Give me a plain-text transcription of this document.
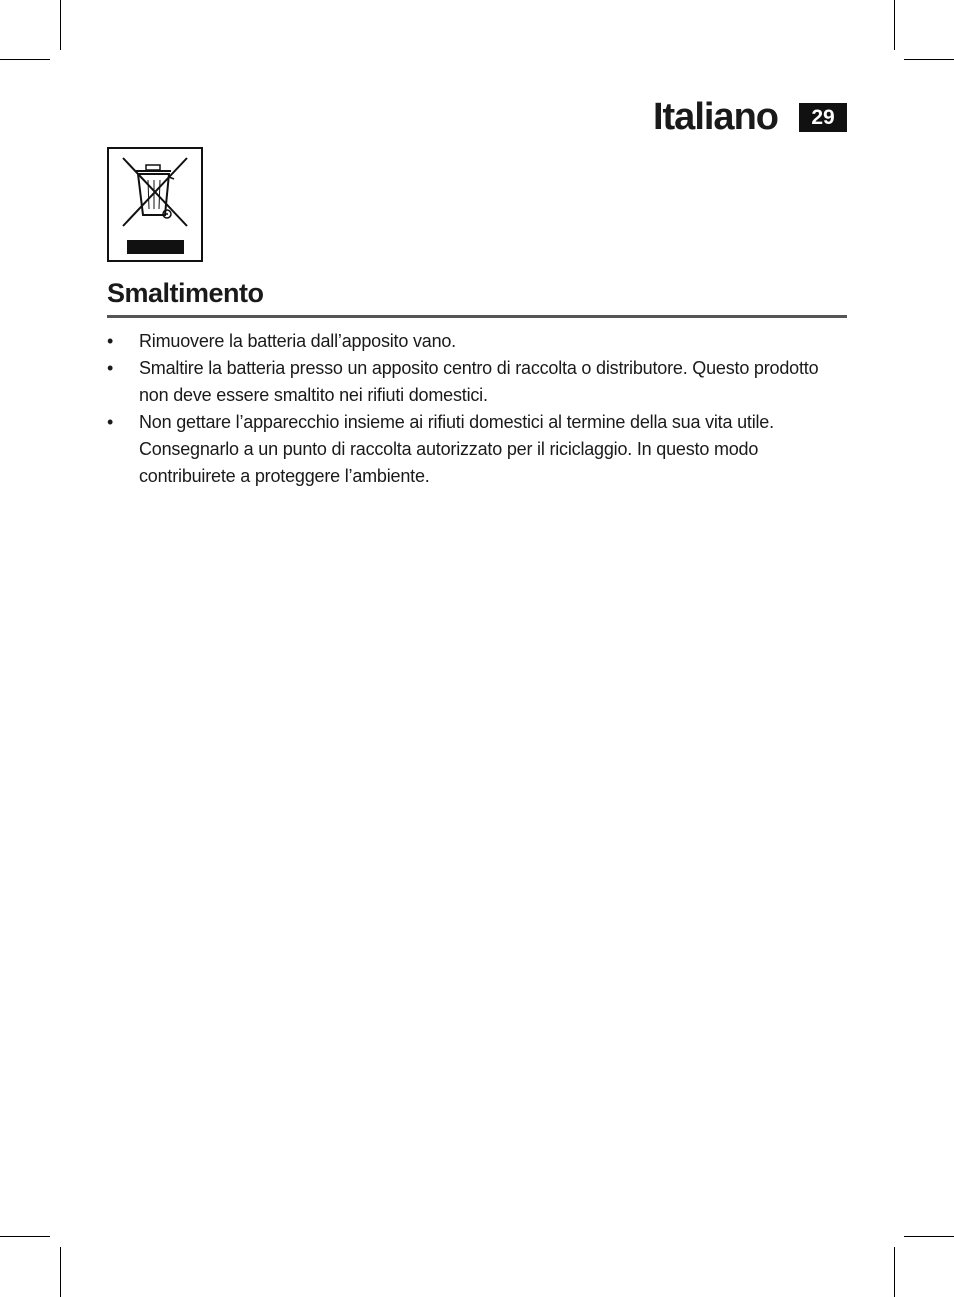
Italiano	29
Smaltimento
•	Rimuovere la batteria dall’apposito vano.
•	Smaltire la batteria presso un apposito centro di raccolta o distributore. Questo prodotto non deve essere smaltito nei rifiuti domestici.
•	Non gettare l’apparecchio insieme ai rifiuti domestici al termine della sua vita utile. Consegnarlo a un punto di raccolta autorizzato per il riciclaggio. In questo modo contribuirete a proteggere l’ambiente.
